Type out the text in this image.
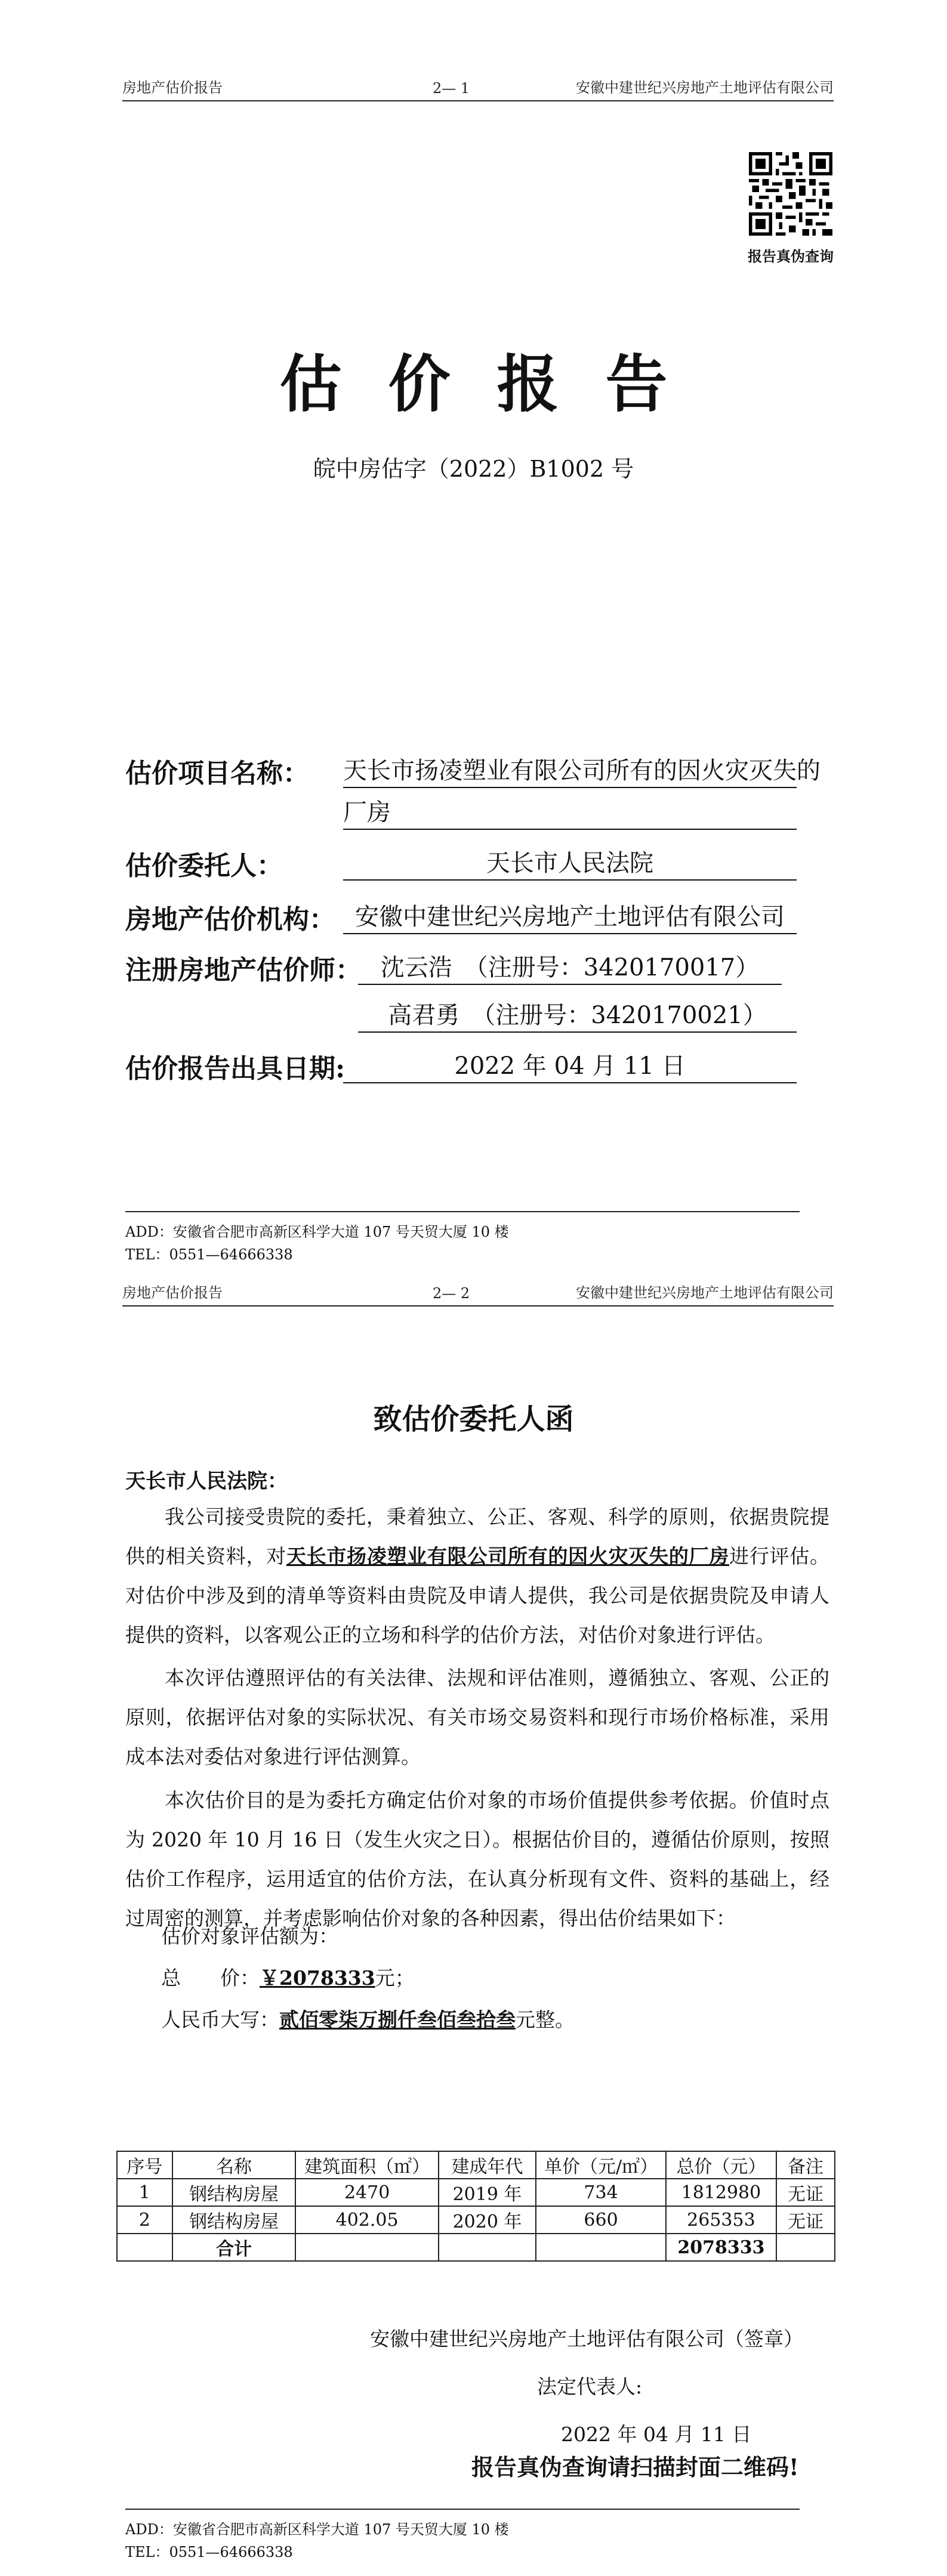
房地产估价报告	2— 1	安徽中建世纪兴房地产土地评估有限公司
报告真伪查询
估价报告
皖中房估字（2022）B1002 号
估价项目名称： 天长市扬凌塑业有限公司所有的因火灾灭失的
厂房
估价委托人：	天长市人民法院
房地产估价机构： 安徽中建世纪兴房地产土地评估有限公司
注册房地产估价师： 沈云浩　（注册号：3420170017）
高君勇　（注册号：3420170021）
估价报告出具日期:	2022 年 04 月 11 日
ADD：安徽省合肥市高新区科学大道 107 号天贸大厦 10 楼
TEL：0551—64666338
房地产估价报告	2— 2	安徽中建世纪兴房地产土地评估有限公司
致估价委托人函
天长市人民法院：
我公司接受贵院的委托，秉着独立、公正、客观、科学的原则，依据贵院提供的相关资料，对天长市扬凌塑业有限公司所有的因火灾灭失的厂房进行评估。对估价中涉及到的清单等资料由贵院及申请人提供，我公司是依据贵院及申请人提供的资料，以客观公正的立场和科学的估价方法，对估价对象进行评估。
本次评估遵照评估的有关法律、法规和评估准则，遵循独立、客观、公正的原则，依据评估对象的实际状况、有关市场交易资料和现行市场价格标准，采用成本法对委估对象进行评估测算。
本次估价目的是为委托方确定估价对象的市场价值提供参考依据。价值时点为 2020 年 10 月 16 日（发生火灾之日）。根据估价目的，遵循估价原则，按照估价工作程序，运用适宜的估价方法，在认真分析现有文件、资料的基础上，经过周密的测算，并考虑影响估价对象的各种因素，得出估价结果如下：
估价对象评估额为：
总　　价：￥2078333元；
人民币大写：贰佰零柒万捌仟叁佰叁拾叁元整。
序号	名称	建筑面积（㎡）	建成年代	单价（元/㎡）	总价（元）	备注
1	钢结构房屋	2470	2019 年	734	1812980	无证
2	钢结构房屋	402.05	2020 年	660	265353	无证
	合计				2078333	
安徽中建世纪兴房地产土地评估有限公司（签章）
法定代表人:
2022 年 04 月 11 日
报告真伪查询请扫描封面二维码!
ADD：安徽省合肥市高新区科学大道 107 号天贸大厦 10 楼
TEL：0551—64666338
